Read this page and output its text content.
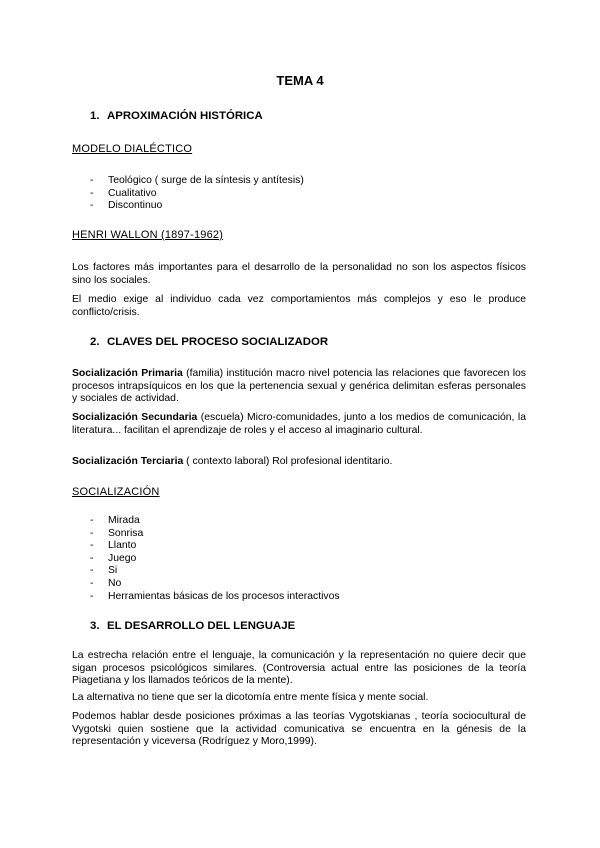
TEMA 4
1. APROXIMACIÓN HISTÓRICA
MODELO DIALÉCTICO
- Teológico ( surge de la síntesis y antítesis)
- Cualitativo
- Discontinuo
HENRI WALLON (1897-1962)

Los factores más importantes para el desarrollo de la personalidad no son los aspectos físicos sino los sociales.

El medio exige al individuo cada vez comportamientos más complejos y eso le produce conflicto/crisis.

2. CLAVES DEL PROCESO SOCIALIZADOR

Socialización Primaria (familia) institución macro nivel potencia las relaciones que favorecen los procesos intrapsíquicos en los que la pertenencia sexual y genérica delimitan esferas personales y sociales de actividad.

Socialización Secundaria (escuela) Micro-comunidades, junto a los medios de comunicación, la literatura... facilitan el aprendizaje de roles y el acceso al imaginario cultural.

Socialización Terciaria ( contexto laboral) Rol profesional identitario.

SOCIALIZACIÓN
- Mirada
- Sonrisa
- Llanto
- Juego
- Si
- No
- Herramientas básicas de los procesos interactivos
3. EL DESARROLLO DEL LENGUAJE

La estrecha relación entre el lenguaje, la comunicación y la representación no quiere decir que sigan procesos psicológicos similares. (Controversia actual entre las posiciones de la teoría Piagetiana y los llamados teóricos de la mente).

La alternativa no tiene que ser la dicotomía entre mente física y mente social.

Podemos hablar desde posiciones próximas a las teorías Vygotskianas , teoría sociocultural de Vygotski quien sostiene que la actividad comunicativa se encuentra en la génesis de la representación y viceversa (Rodríguez y Moro,1999).
